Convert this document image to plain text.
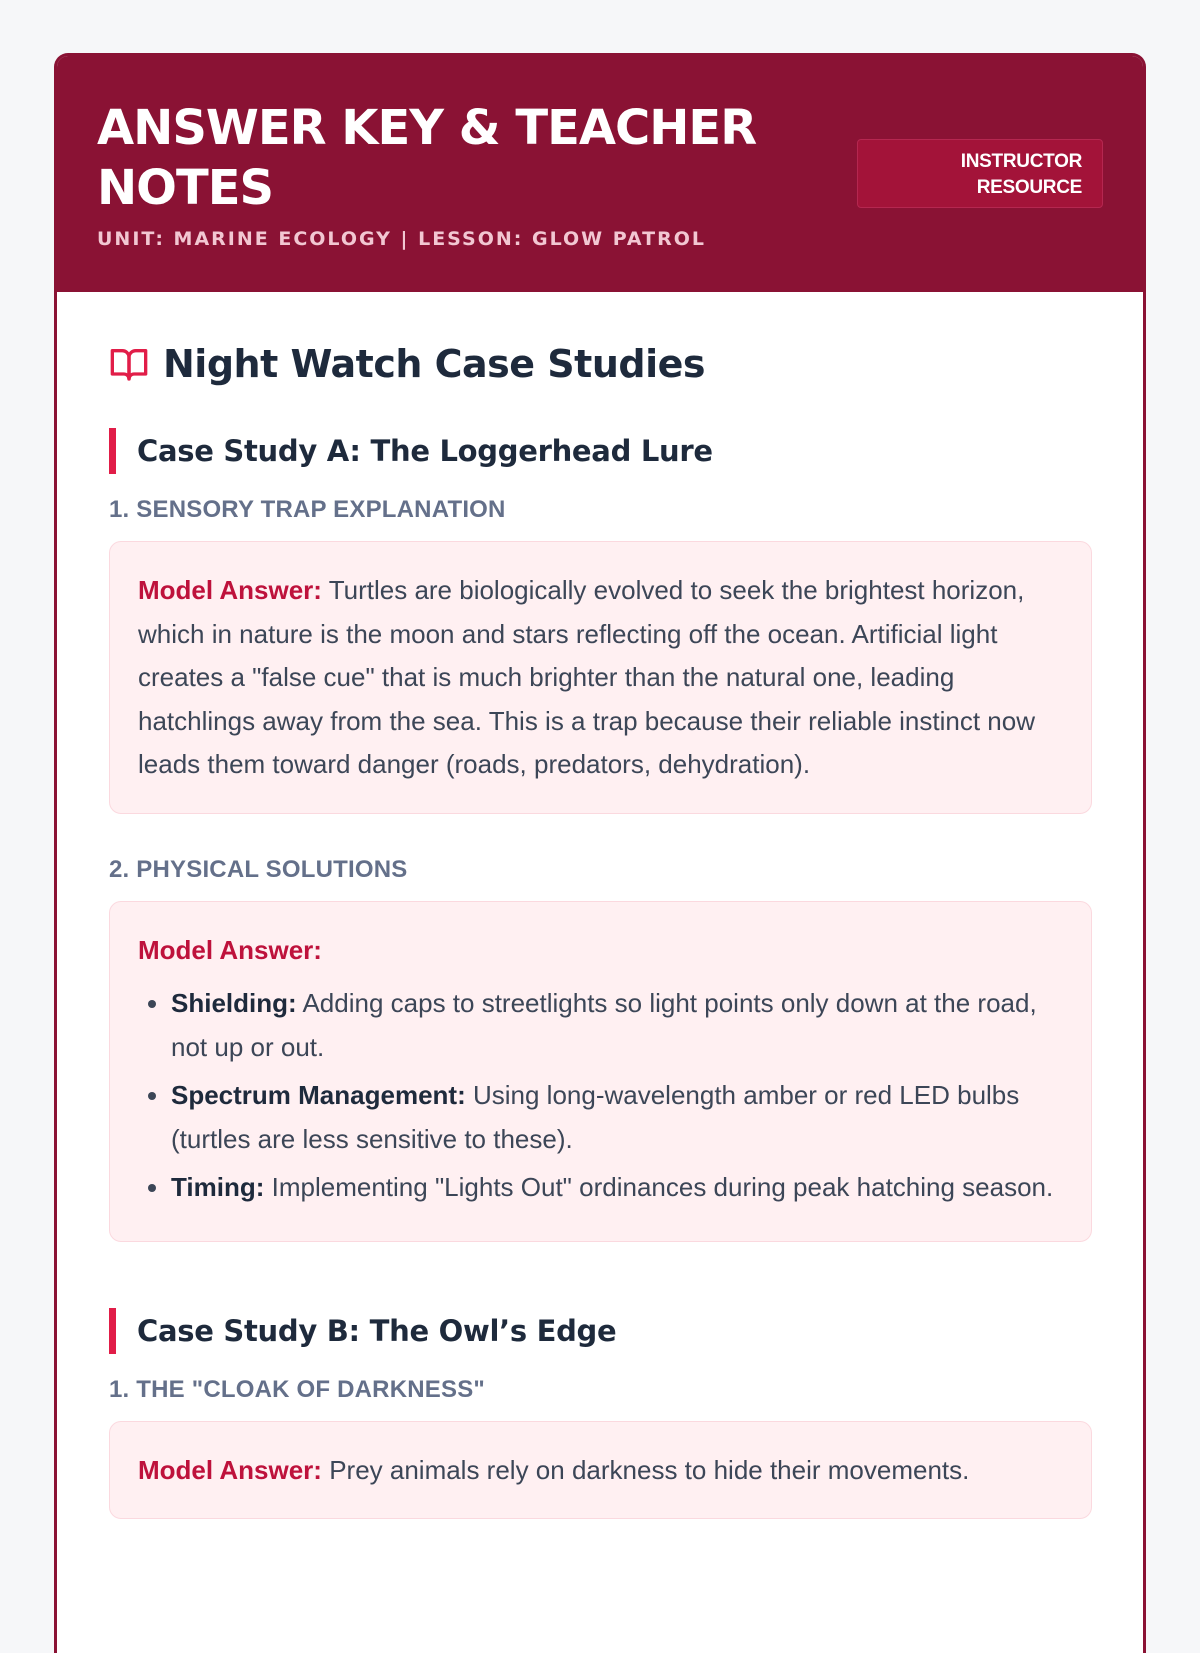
ANSWER KEY & TEACHER NOTES
UNIT: MARINE ECOLOGY | LESSON: GLOW PATROL
INSTRUCTOR RESOURCE
Night Watch Case Studies
Case Study A: The Loggerhead Lure
1. SENSORY TRAP EXPLANATION
Model Answer: Turtles are biologically evolved to seek the brightest horizon, which in nature is the moon and stars reflecting off the ocean. Artificial light creates a "false cue" that is much brighter than the natural one, leading hatchlings away from the sea. This is a trap because their reliable instinct now leads them toward danger (roads, predators, dehydration).
2. PHYSICAL SOLUTIONS
Model Answer:
• Shielding: Adding caps to streetlights so light points only down at the road, not up or out.
• Spectrum Management: Using long-wavelength amber or red LED bulbs (turtles are less sensitive to these).
• Timing: Implementing "Lights Out" ordinances during peak hatching season.
Case Study B: The Owl’s Edge
1. THE "CLOAK OF DARKNESS"
Model Answer: Prey animals rely on darkness to hide their movements.
